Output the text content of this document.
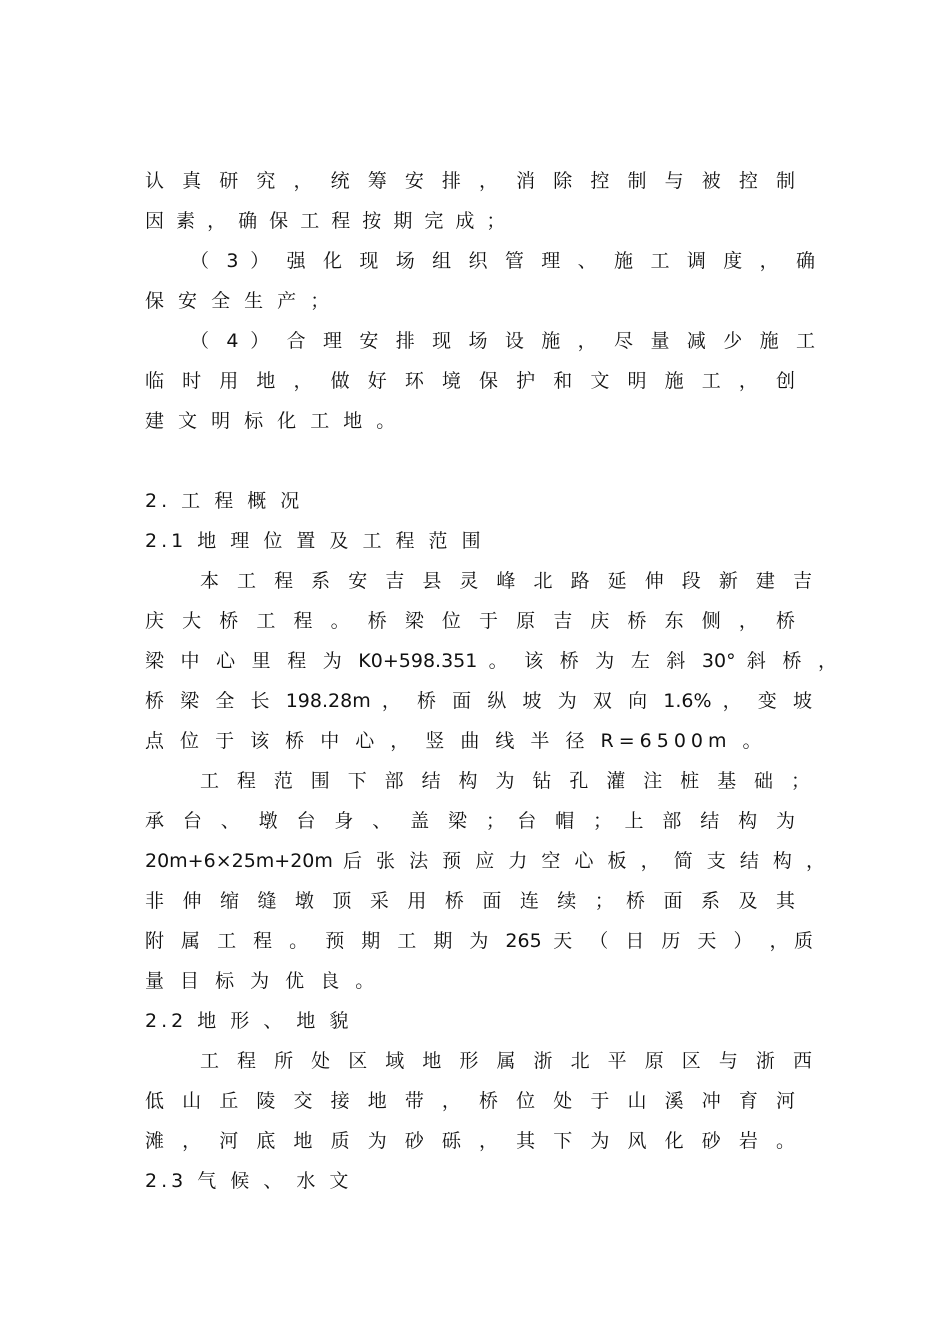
认 真 研 究 ， 统 筹 安 排 ， 消 除 控 制 与 被 控 制
因 素 ， 确 保 工 程 按 期 完 成 ；
（ 3 ） 强 化 现 场 组 织 管 理 、 施 工 调 度 ， 确
保 安 全 生 产 ；
（ 4 ） 合 理 安 排 现 场 设 施 ， 尽 量 减 少 施 工
临 时 用 地 ， 做 好 环 境 保 护 和 文 明 施 工 ， 创
建 文 明 标 化 工 地 。
2. 工 程 概 况
2.1 地 理 位 置 及 工 程 范 围
本 工 程 系 安 吉 县 灵 峰 北 路 延 伸 段 新 建 吉
庆 大 桥 工 程 。 桥 梁 位 于 原 吉 庆 桥 东 侧 ， 桥
梁 中 心 里 程 为 K0+598.351 。 该 桥 为 左 斜 30° 斜 桥 ，
桥 梁 全 长 198.28m ， 桥 面 纵 坡 为 双 向 1.6% ， 变 坡
点 位 于 该 桥 中 心 ， 竖 曲 线 半 径 R=6500m 。
工 程 范 围 下 部 结 构 为 钻 孔 灌 注 桩 基 础 ；
承 台 、 墩 台 身 、 盖 梁 ； 台 帽 ； 上 部 结 构 为
20m+6×25m+20m 后 张 法 预 应 力 空 心 板 ， 简 支 结 构 ，
非 伸 缩 缝 墩 顶 采 用 桥 面 连 续 ； 桥 面 系 及 其
附 属 工 程 。 预 期 工 期 为 265 天 （ 日 历 天 ） ，质
量 目 标 为 优 良 。
2.2 地 形 、 地 貌
工 程 所 处 区 域 地 形 属 浙 北 平 原 区 与 浙 西
低 山 丘 陵 交 接 地 带 ， 桥 位 处 于 山 溪 冲 育 河
滩 ， 河 底 地 质 为 砂 砾 ， 其 下 为 风 化 砂 岩 。
2.3 气 候 、 水 文
